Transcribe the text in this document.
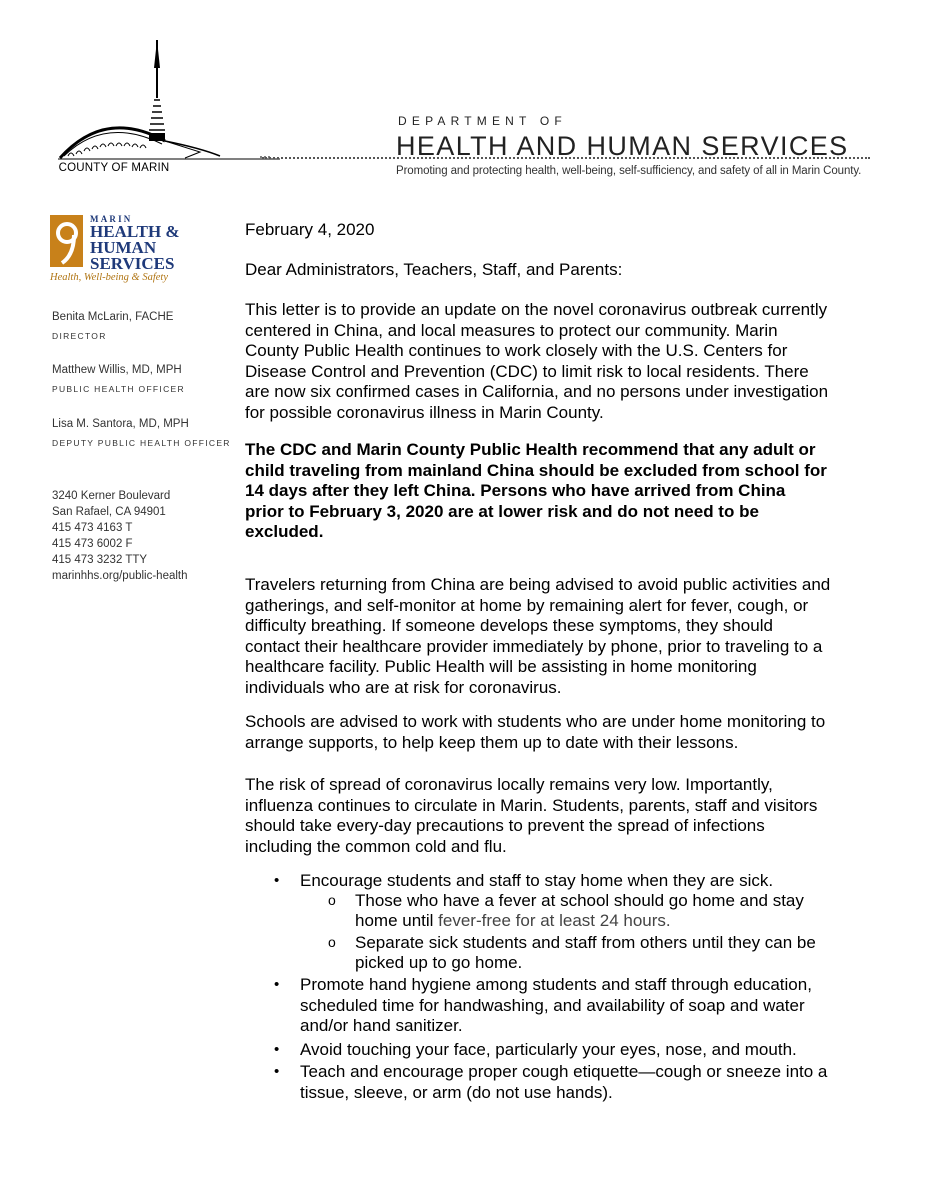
COUNTY OF MARIN
DEPARTMENT OF
HEALTH AND HUMAN SERVICES
Promoting and protecting health, well-being, self-sufficiency, and safety of all in Marin County.
MARIN
HEALTH &
HUMAN
SERVICES
Health, Well-being & Safety
Benita McLarin, FACHE
DIRECTOR
Matthew Willis, MD, MPH
PUBLIC HEALTH OFFICER
Lisa M. Santora, MD, MPH
DEPUTY PUBLIC HEALTH OFFICER
3240 Kerner Boulevard
San Rafael, CA 94901
415 473 4163 T
415 473 6002 F
415 473 3232 TTY
marinhhs.org/public-health
February 4, 2020
Dear Administrators, Teachers, Staff, and Parents:
This letter is to provide an update on the novel coronavirus outbreak currently
centered in China, and local measures to protect our community. Marin
County Public Health continues to work closely with the U.S. Centers for
Disease Control and Prevention (CDC) to limit risk to local residents. There
are now six confirmed cases in California, and no persons under investigation
for possible coronavirus illness in Marin County.
The CDC and Marin County Public Health recommend that any adult or
child traveling from mainland China should be excluded from school for
14 days after they left China. Persons who have arrived from China
prior to February 3, 2020 are at lower risk and do not need to be
excluded.
Travelers returning from China are being advised to avoid public activities and
gatherings, and self-monitor at home by remaining alert for fever, cough, or
difficulty breathing. If someone develops these symptoms, they should
contact their healthcare provider immediately by phone, prior to traveling to a
healthcare facility. Public Health will be assisting in home monitoring
individuals who are at risk for coronavirus.
Schools are advised to work with students who are under home monitoring to
arrange supports, to help keep them up to date with their lessons.
The risk of spread of coronavirus locally remains very low. Importantly,
influenza continues to circulate in Marin. Students, parents, staff and visitors
should take every-day precautions to prevent the spread of infections
including the common cold and flu.
• Encourage students and staff to stay home when they are sick.
o Those who have a fever at school should go home and stay
home until fever-free for at least 24 hours.
o Separate sick students and staff from others until they can be
picked up to go home.
• Promote hand hygiene among students and staff through education,
scheduled time for handwashing, and availability of soap and water
and/or hand sanitizer.
• Avoid touching your face, particularly your eyes, nose, and mouth.
• Teach and encourage proper cough etiquette—cough or sneeze into a
tissue, sleeve, or arm (do not use hands).
